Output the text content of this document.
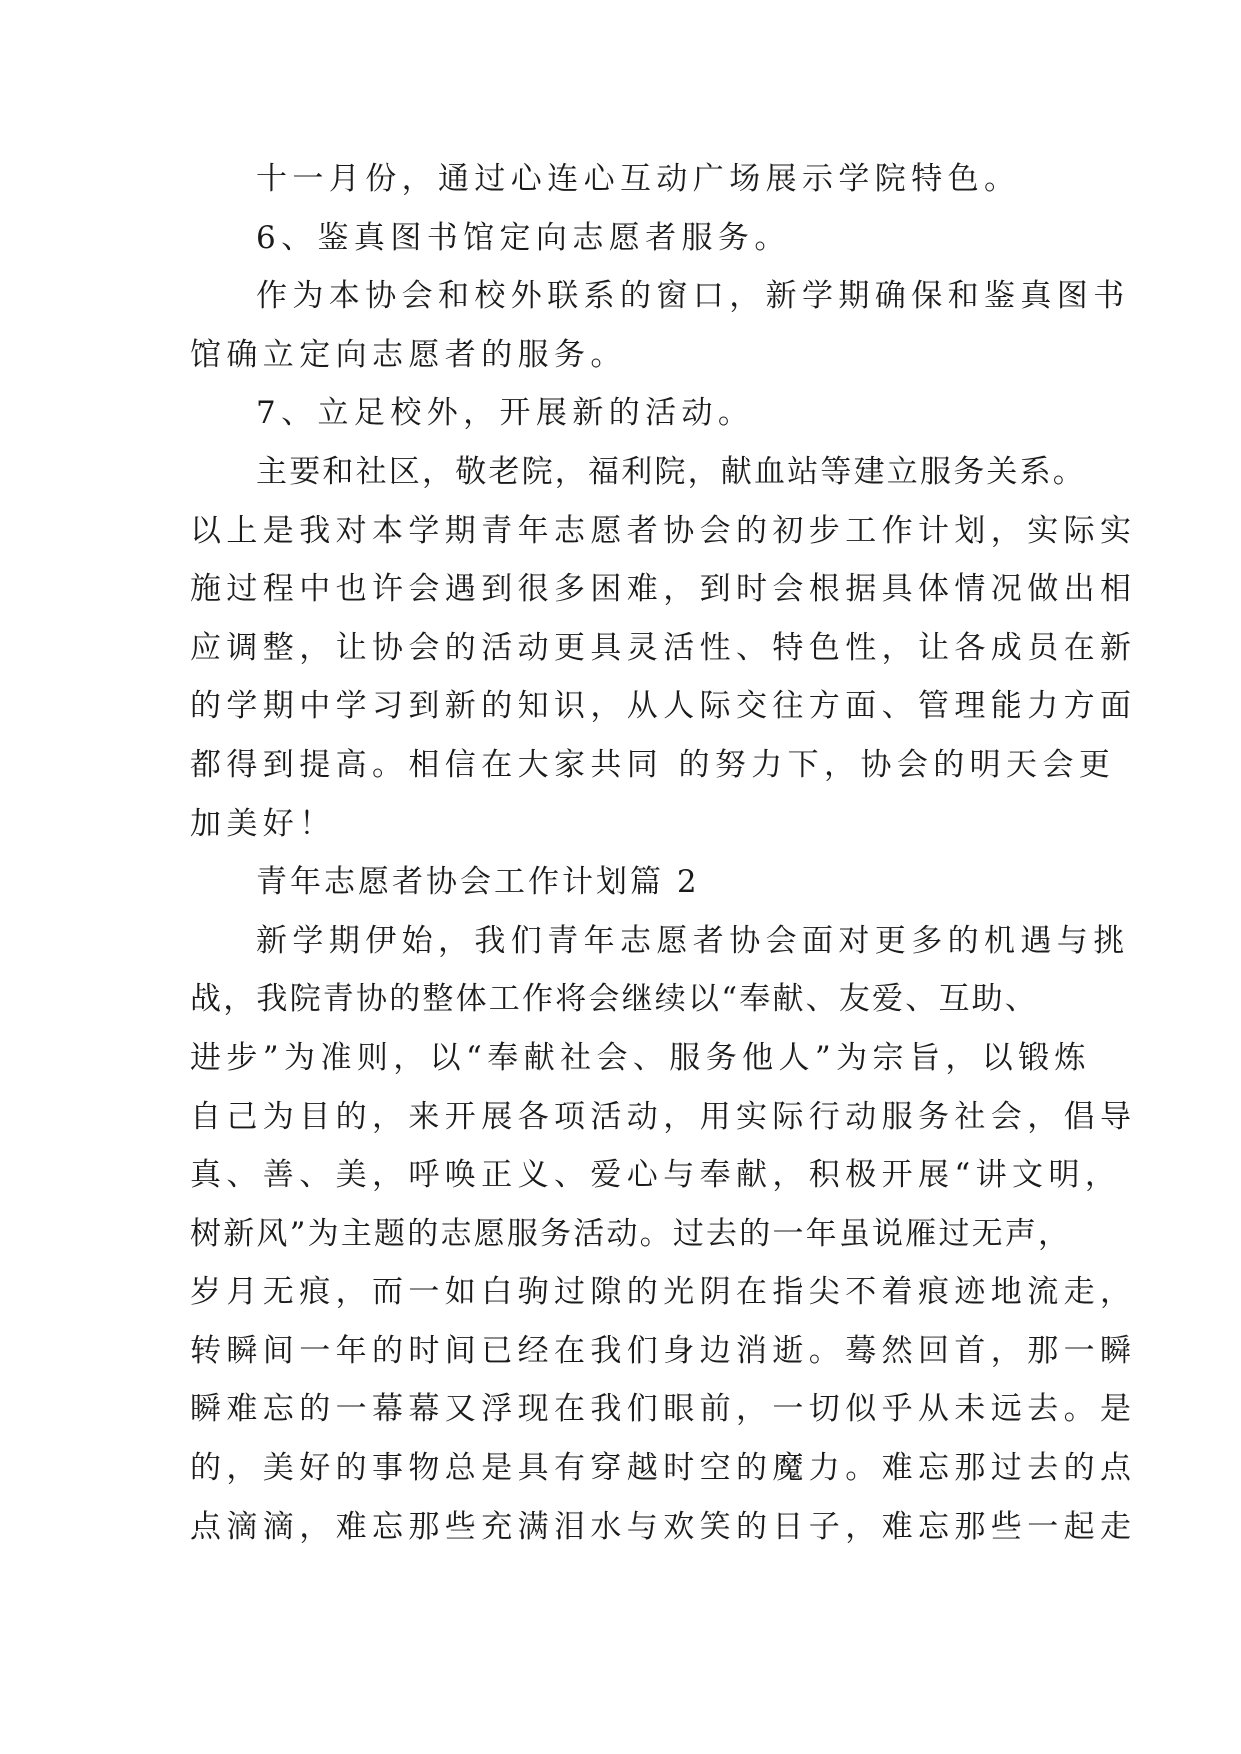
十一月份，通过心连心互动广场展示学院特色。
6、鉴真图书馆定向志愿者服务。
作为本协会和校外联系的窗口，新学期确保和鉴真图书
馆确立定向志愿者的服务。
7、立足校外，开展新的活动。
主要和社区，敬老院，福利院，献血站等建立服务关系。
以上是我对本学期青年志愿者协会的初步工作计划，实际实
施过程中也许会遇到很多困难，到时会根据具体情况做出相
应调整，让协会的活动更具灵活性、特色性，让各成员在新
的学期中学习到新的知识，从人际交往方面、管理能力方面
都得到提高。相信在大家共同 的努力下，协会的明天会更
加美好！
青年志愿者协会工作计划篇 2
新学期伊始，我们青年志愿者协会面对更多的机遇与挑
战，我院青协的整体工作将会继续以“奉献、友爱、互助、
进步”为准则，以“奉献社会、服务他人”为宗旨，以锻炼
自己为目的，来开展各项活动，用实际行动服务社会，倡导
真、善、美，呼唤正义、爱心与奉献，积极开展“讲文明，
树新风”为主题的志愿服务活动。过去的一年虽说雁过无声，
岁月无痕，而一如白驹过隙的光阴在指尖不着痕迹地流走，
转瞬间一年的时间已经在我们身边消逝。蓦然回首，那一瞬
瞬难忘的一幕幕又浮现在我们眼前，一切似乎从未远去。是
的，美好的事物总是具有穿越时空的魔力。难忘那过去的点
点滴滴，难忘那些充满泪水与欢笑的日子，难忘那些一起走
